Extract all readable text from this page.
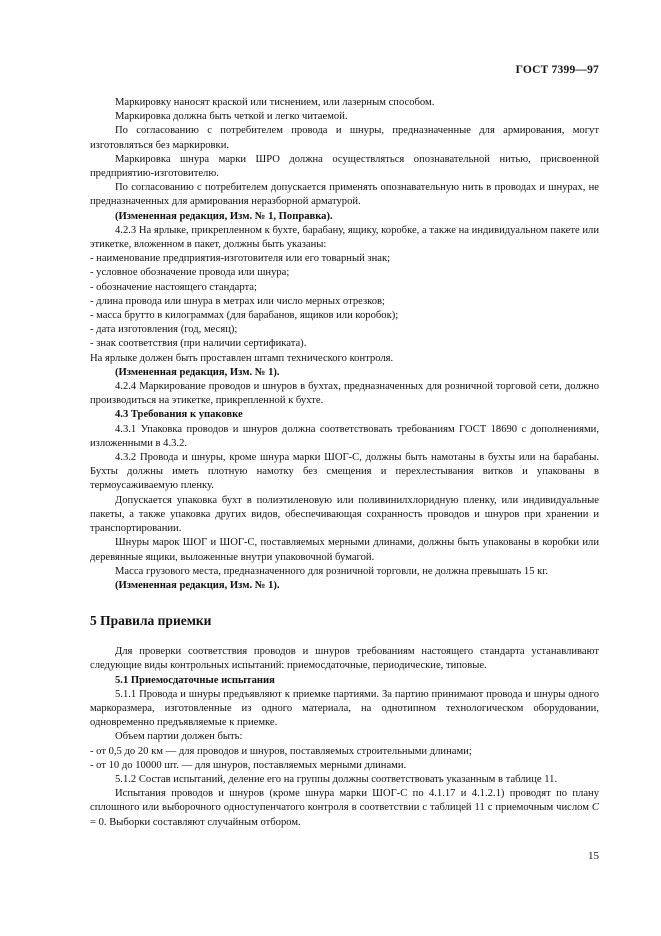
ГОСТ 7399—97

Маркировку наносят краской или тиснением, или лазерным способом.

Маркировка должна быть четкой и легко читаемой.

По согласованию с потребителем провода и шнуры, предназначенные для армирования, могут изготовляться без маркировки.

Маркировка шнура марки ШРО должна осуществляться опознавательной нитью, присвоенной предприятию-изготовителю.

По согласованию с потребителем допускается применять опознавательную нить в проводах и шнурах, не предназначенных для армирования неразборной арматурой.

(Измененная редакция, Изм. № 1, Поправка).

4.2.3 На ярлыке, прикрепленном к бухте, барабану, ящику, коробке, а также на индивидуальном пакете или этикетке, вложенном в пакет, должны быть указаны:

- наименование предприятия-изготовителя или его товарный знак;

- условное обозначение провода или шнура;

- обозначение настоящего стандарта;

- длина провода или шнура в метрах или число мерных отрезков;

- масса брутто в килограммах (для барабанов, ящиков или коробок);

- дата изготовления (год, месяц);

- знак соответствия (при наличии сертификата).

На ярлыке должен быть проставлен штамп технического контроля.

(Измененная редакция, Изм. № 1).

4.2.4 Маркирование проводов и шнуров в бухтах, предназначенных для розничной торговой сети, должно производиться на этикетке, прикрепленной к бухте.

4.3 Требования к упаковке

4.3.1 Упаковка проводов и шнуров должна соответствовать требованиям ГОСТ 18690 с дополнениями, изложенными в 4.3.2.

4.3.2 Провода и шнуры, кроме шнура марки ШОГ-С, должны быть намотаны в бухты или на барабаны. Бухты должны иметь плотную намотку без смещения и перехлестывания витков и упакованы в термоусаживаемую пленку.

Допускается упаковка бухт в полиэтиленовую или поливинилхлоридную пленку, или индивидуальные пакеты, а также упаковка других видов, обеспечивающая сохранность проводов и шнуров при хранении и транспортировании.

Шнуры марок ШОГ и ШОГ-С, поставляемых мерными длинами, должны быть упакованы в коробки или деревянные ящики, выложенные внутри упаковочной бумагой.

Масса грузового места, предназначенного для розничной торговли, не должна превышать 15 кг.

(Измененная редакция, Изм. № 1).

5 Правила приемки

Для проверки соответствия проводов и шнуров требованиям настоящего стандарта устанавливают следующие виды контрольных испытаний: приемосдаточные, периодические, типовые.

5.1 Приемосдаточные испытания

5.1.1 Провода и шнуры предъявляют к приемке партиями. За партию принимают провода и шнуры одного маркоразмера, изготовленные из одного материала, на однотипном технологическом оборудовании, одновременно предъявляемые к приемке.

Объем партии должен быть:

- от 0,5 до 20 км — для проводов и шнуров, поставляемых строительными длинами;

- от 10 до 10000 шт. — для шнуров, поставляемых мерными длинами.

5.1.2 Состав испытаний, деление его на группы должны соответствовать указанным в таблице 11.

Испытания проводов и шнуров (кроме шнура марки ШОГ-С по 4.1.17 и 4.1.2.1) проводят по плану сплошного или выборочного одноступенчатого контроля в соответствии с таблицей 11 с приемочным числом C = 0. Выборки составляют случайным отбором.

15
